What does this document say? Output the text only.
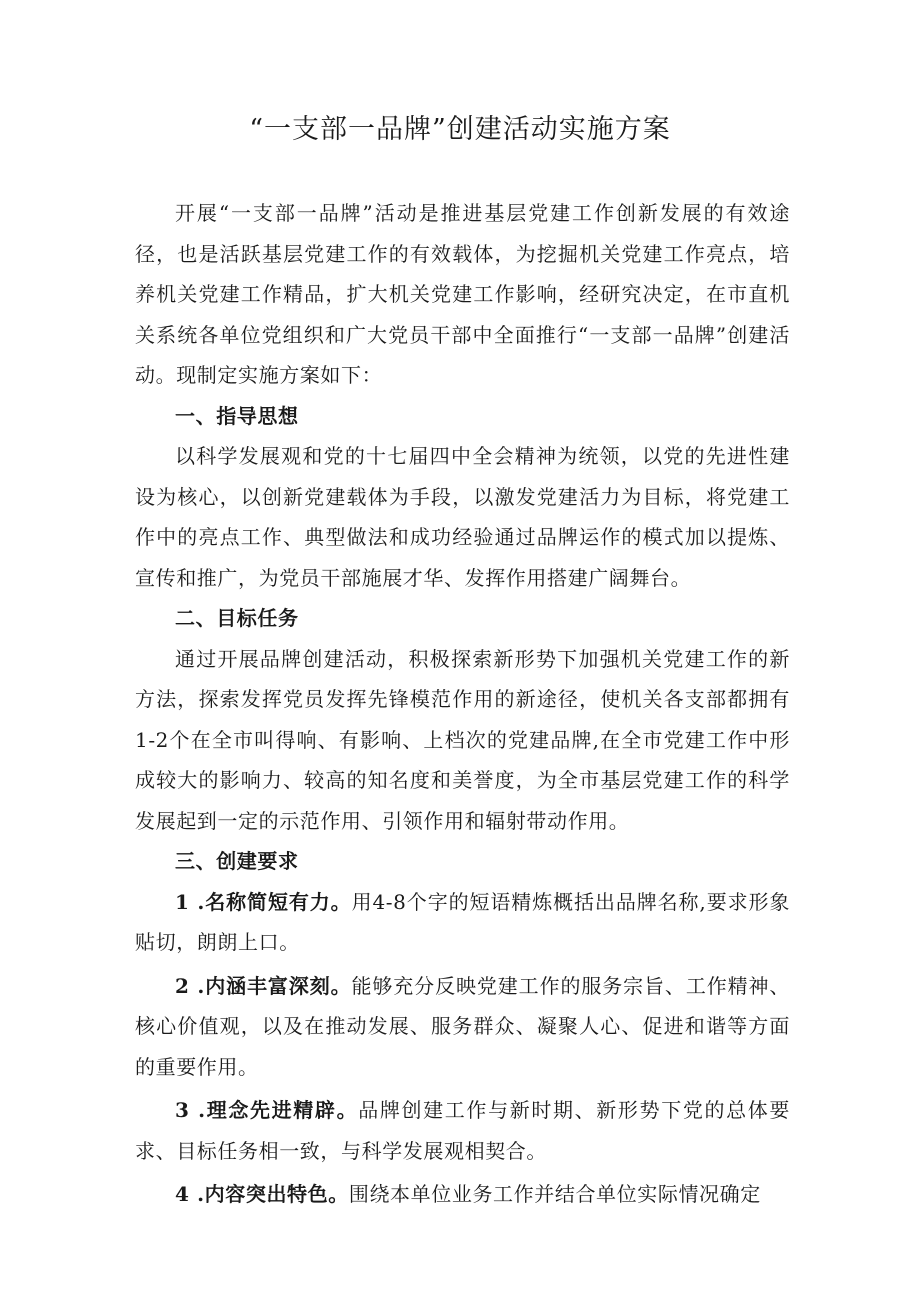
“一支部一品牌”创建活动实施方案

开展“一支部一品牌”活动是推进基层党建工作创新发展的有效途径，也是活跃基层党建工作的有效载体，为挖掘机关党建工作亮点，培养机关党建工作精品，扩大机关党建工作影响，经研究决定，在市直机关系统各单位党组织和广大党员干部中全面推行“一支部一品牌”创建活动。现制定实施方案如下：

一、指导思想

以科学发展观和党的十七届四中全会精神为统领，以党的先进性建设为核心，以创新党建载体为手段，以激发党建活力为目标，将党建工作中的亮点工作、典型做法和成功经验通过品牌运作的模式加以提炼、宣传和推广，为党员干部施展才华、发挥作用搭建广阔舞台。

二、目标任务

通过开展品牌创建活动，积极探索新形势下加强机关党建工作的新方法，探索发挥党员发挥先锋模范作用的新途径，使机关各支部都拥有1-2个在全市叫得响、有影响、上档次的党建品牌,在全市党建工作中形成较大的影响力、较高的知名度和美誉度，为全市基层党建工作的科学发展起到一定的示范作用、引领作用和辐射带动作用。

三、创建要求

1 .名称简短有力。用4-8个字的短语精炼概括出品牌名称,要求形象贴切，朗朗上口。

2 .内涵丰富深刻。能够充分反映党建工作的服务宗旨、工作精神、核心价值观，以及在推动发展、服务群众、凝聚人心、促进和谐等方面的重要作用。

3 .理念先进精辟。品牌创建工作与新时期、新形势下党的总体要求、目标任务相一致，与科学发展观相契合。

4 .内容突出特色。围绕本单位业务工作并结合单位实际情况确定
